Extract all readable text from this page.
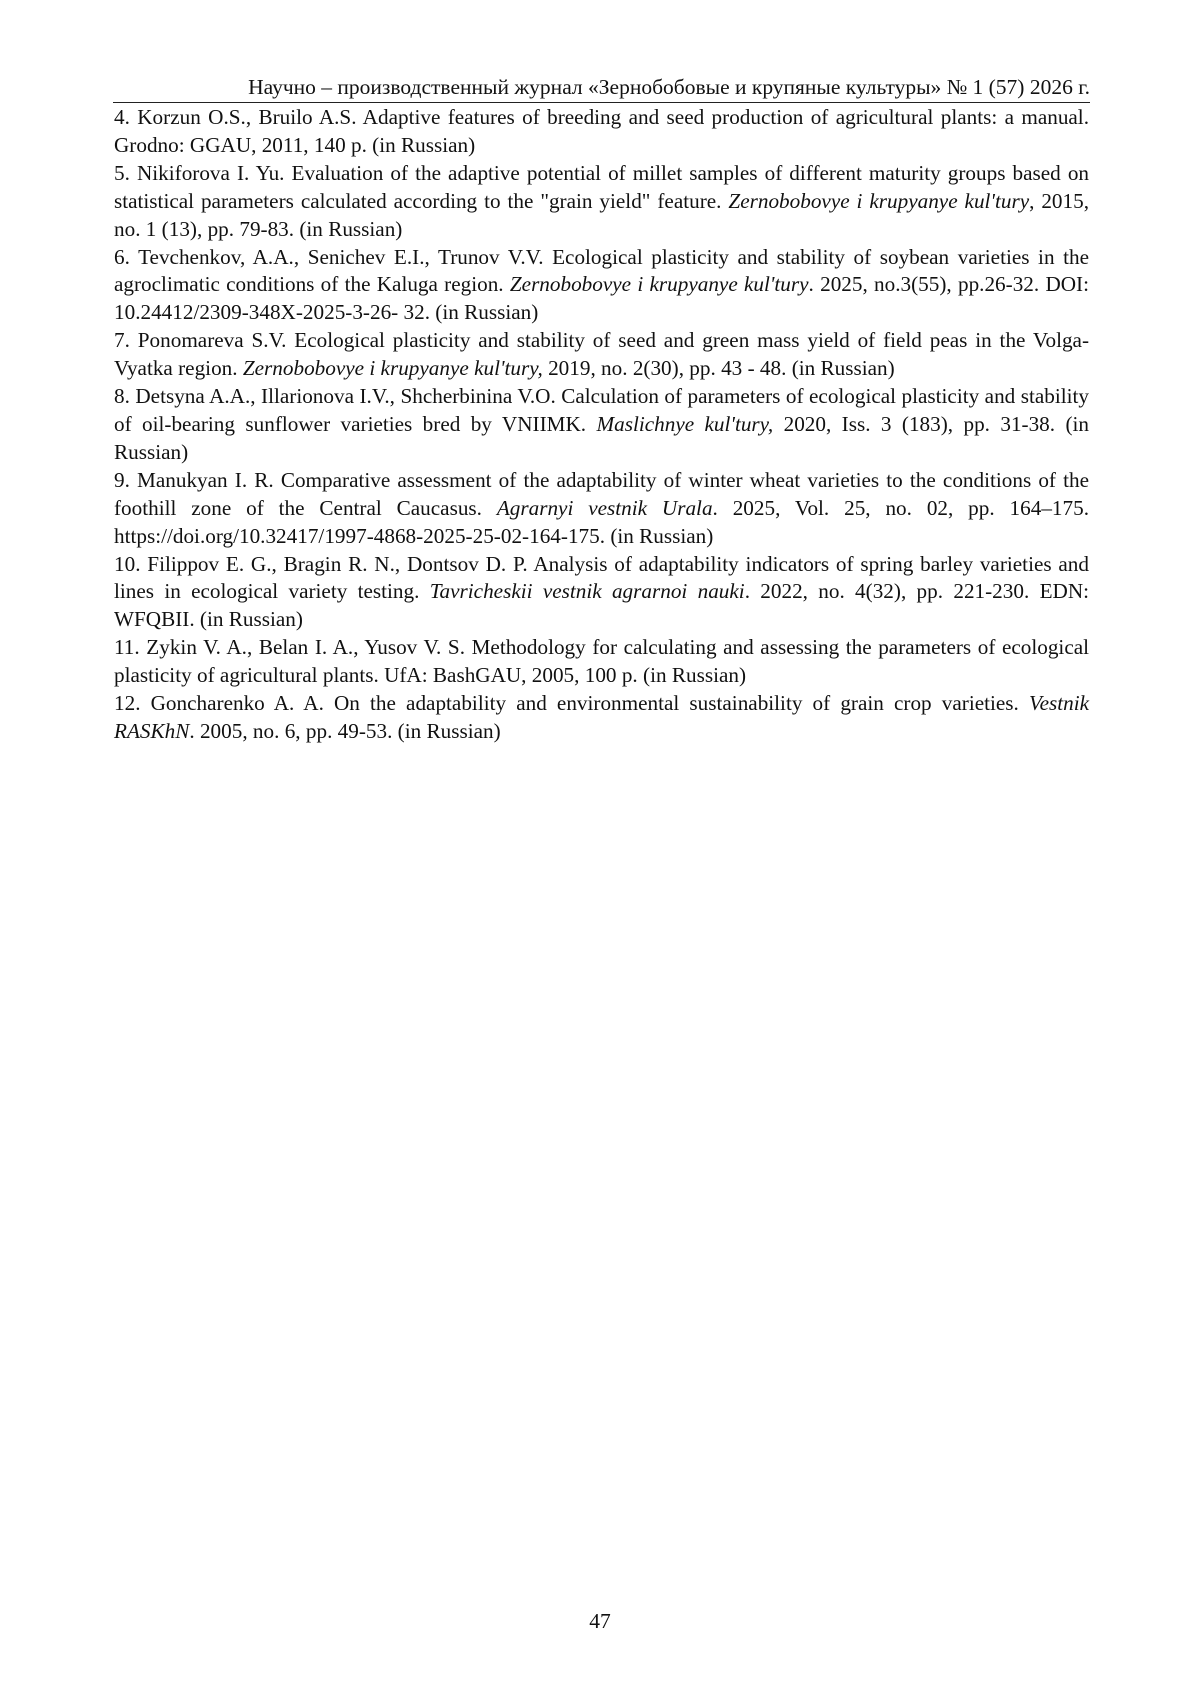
Научно – производственный журнал «Зернобобовые и крупяные культуры» № 1 (57) 2026 г.

4. Korzun O.S., Bruilo A.S. Adaptive features of breeding and seed production of agricultural plants: a manual. Grodno: GGAU, 2011, 140 p. (in Russian)

5. Nikiforova I. Yu. Evaluation of the adaptive potential of millet samples of different maturity groups based on statistical parameters calculated according to the "grain yield" feature. Zernobobovye i krupyanye kul'tury, 2015, no. 1 (13), pp. 79-83. (in Russian)

6. Tevchenkov, A.A., Senichev E.I., Trunov V.V. Ecological plasticity and stability of soybean varieties in the agroclimatic conditions of the Kaluga region. Zernobobovye i krupyanye kul'tury. 2025, no.3(55), pp.26-32. DOI: 10.24412/2309-348X-2025-3-26- 32. (in Russian)

7. Ponomareva S.V. Ecological plasticity and stability of seed and green mass yield of field peas in the Volga-Vyatka region. Zernobobovye i krupyanye kul'tury, 2019, no. 2(30), pp. 43 - 48. (in Russian)

8. Detsyna A.A., Illarionova I.V., Shcherbinina V.O. Calculation of parameters of ecological plasticity and stability of oil-bearing sunflower varieties bred by VNIIMK. Maslichnye kul'tury, 2020, Iss. 3 (183), pp. 31-38. (in Russian)

9. Manukyan I. R. Comparative assessment of the adaptability of winter wheat varieties to the conditions of the foothill zone of the Central Caucasus. Agrarnyi vestnik Urala. 2025, Vol. 25, no. 02, pp. 164–175. https://doi.org/10.32417/1997-4868-2025-25-02-164-175. (in Russian)

10. Filippov E. G., Bragin R. N., Dontsov D. P. Analysis of adaptability indicators of spring barley varieties and lines in ecological variety testing. Tavricheskii vestnik agrarnoi nauki. 2022, no. 4(32), pp. 221-230. EDN: WFQBII. (in Russian)

11. Zykin V. A., Belan I. A., Yusov V. S. Methodology for calculating and assessing the parameters of ecological plasticity of agricultural plants. UfA: BashGAU, 2005, 100 p. (in Russian)

12. Goncharenko A. A. On the adaptability and environmental sustainability of grain crop varieties. Vestnik RASKhN. 2005, no. 6, pp. 49-53. (in Russian)

47
